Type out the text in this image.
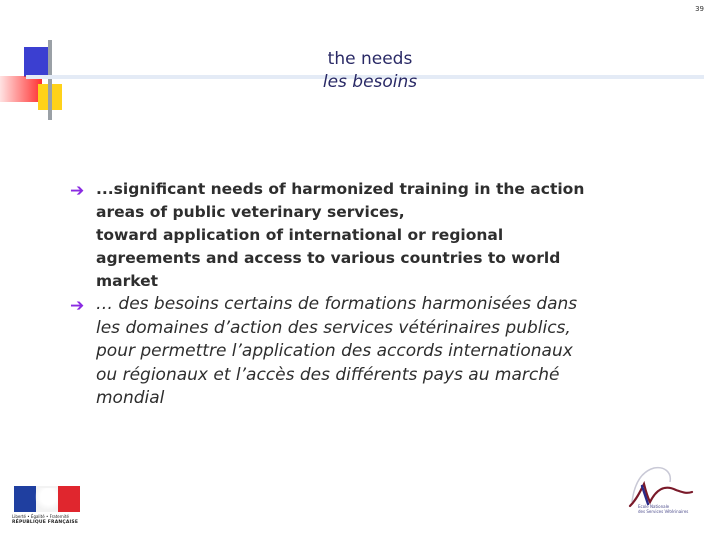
39
the needs
les besoins
➔ ...significant needs of harmonized training in the action
areas of public veterinary services,
toward application of international or regional
agreements and access to various countries to world
market
➔ … des besoins certains de formations harmonisées dans
les domaines d’action des services vétérinaires publics,
pour permettre l’application des accords internationaux
ou régionaux et l’accès des différents pays au marché
mondial
Liberté • Égalité • Fraternité
RÉPUBLIQUE FRANÇAISE
Ecole Nationale
des Services Vétérinaires
